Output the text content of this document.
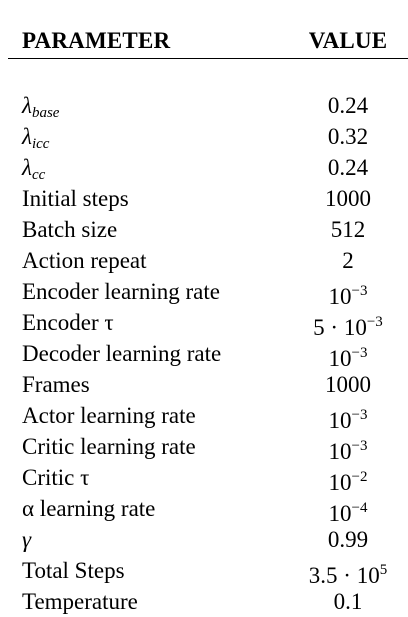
PARAMETER	VALUE
λbase	0.24
λicc	0.32
λcc	0.24
Initial steps	1000
Batch size	512
Action repeat	2
Encoder learning rate	$10^{-3}$
Encoder τ	$5 \cdot 10^{-3}$
Decoder learning rate	$10^{-3}$
Frames	1000
Actor learning rate	$10^{-3}$
Critic learning rate	$10^{-3}$
Critic τ	$10^{-2}$
α learning rate	$10^{-4}$
γ	0.99
Total Steps	$3.5 \cdot 10^5$
Temperature	0.1
